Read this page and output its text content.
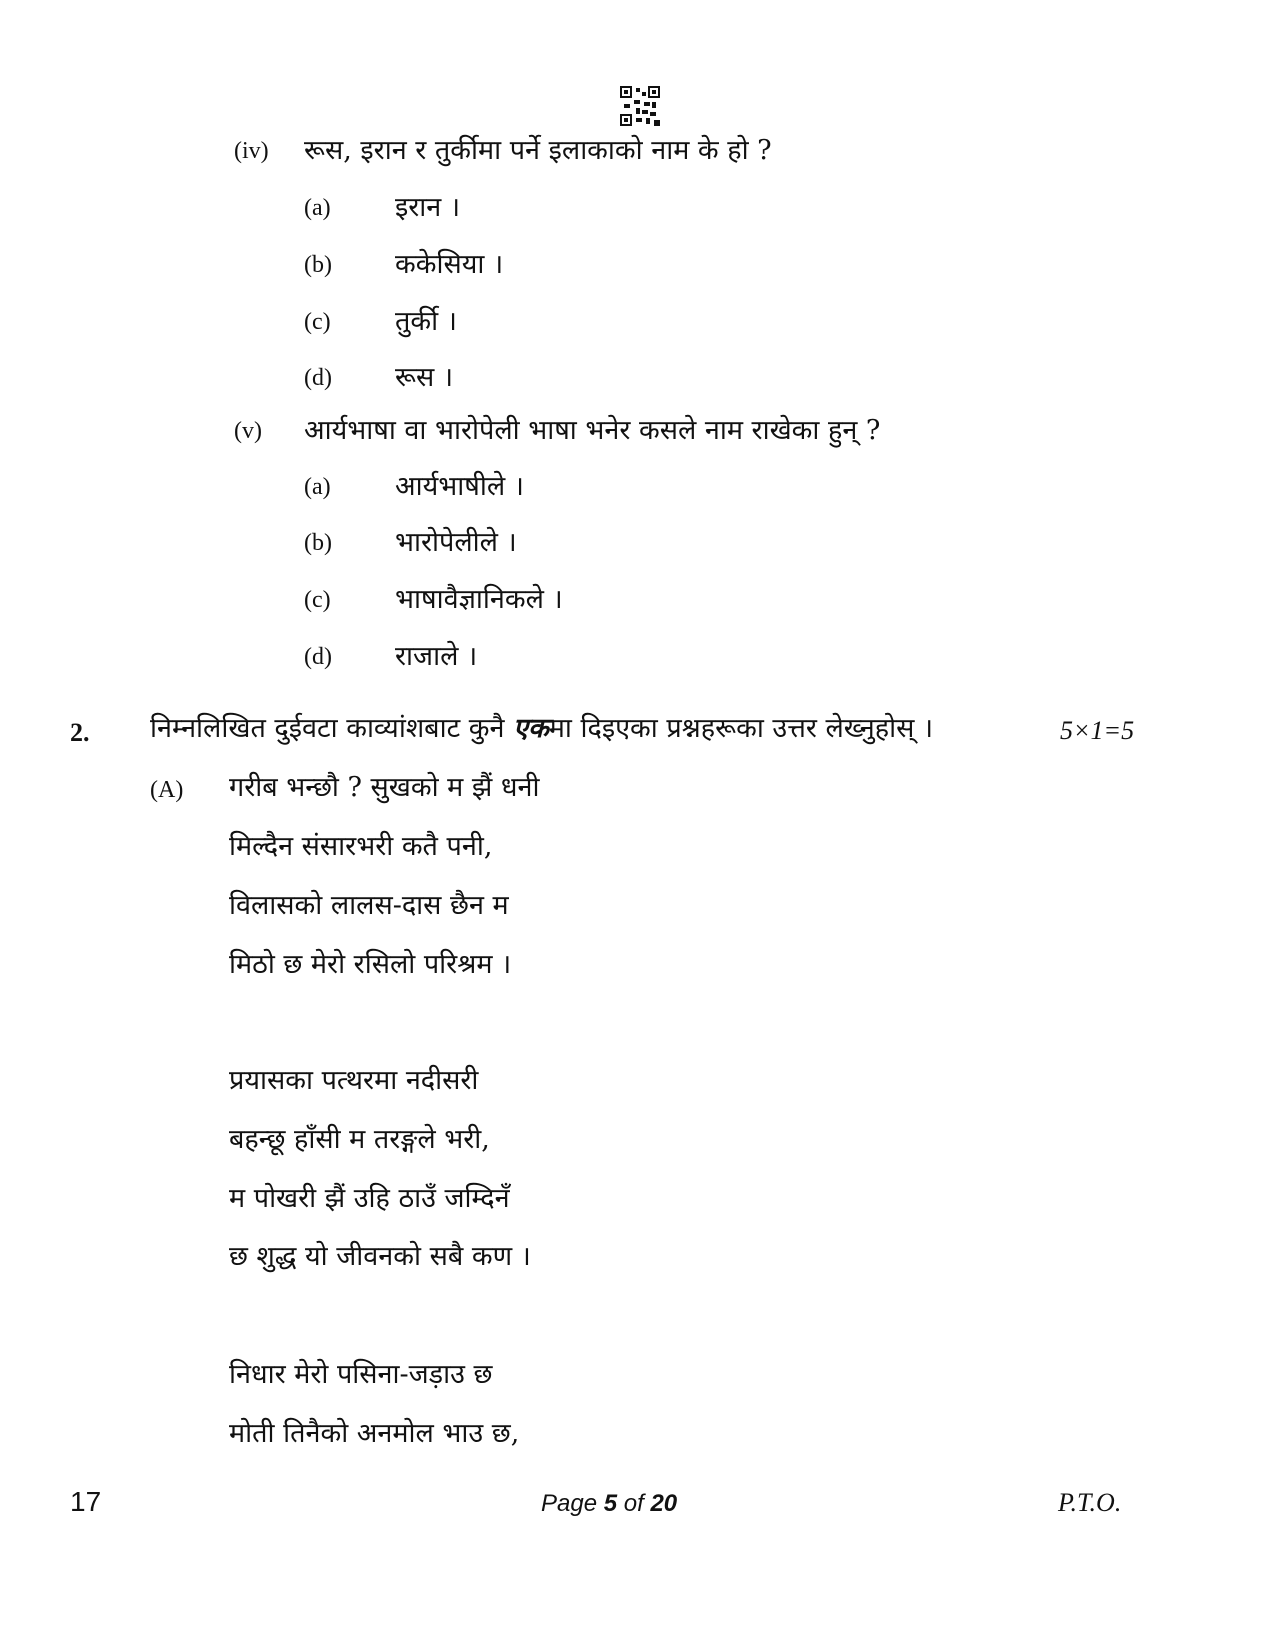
(iv) रूस, इरान र तुर्कीमा पर्ने इलाकाको नाम के हो ?
(a) इरान ।
(b) ककेसिया ।
(c) तुर्की ।
(d) रूस ।
(v) आर्यभाषा वा भारोपेली भाषा भनेर कसले नाम राखेका हुन् ?
(a) आर्यभाषीले ।
(b) भारोपेलीले ।
(c) भाषावैज्ञानिकले ।
(d) राजाले ।
2. निम्नलिखित दुईवटा काव्यांशबाट कुनै एकमा दिइएका प्रश्नहरूका उत्तर लेख्नुहोस् ।	5×1=5
(A) गरीब भन्छौ ? सुखको म झैं धनी
मिल्दैन संसारभरी कतै पनी,
विलासको लालस-दास छैन म
मिठो छ मेरो रसिलो परिश्रम ।
प्रयासका पत्थरमा नदीसरी
बहन्छू हाँसी म तरङ्गले भरी,
म पोखरी झैं उहि ठाउँ जम्दिनँ
छ शुद्ध यो जीवनको सबै कण ।
निधार मेरो पसिना-जड़ाउ छ
मोती तिनैको अनमोल भाउ छ,
17	Page 5 of 20	P.T.O.
